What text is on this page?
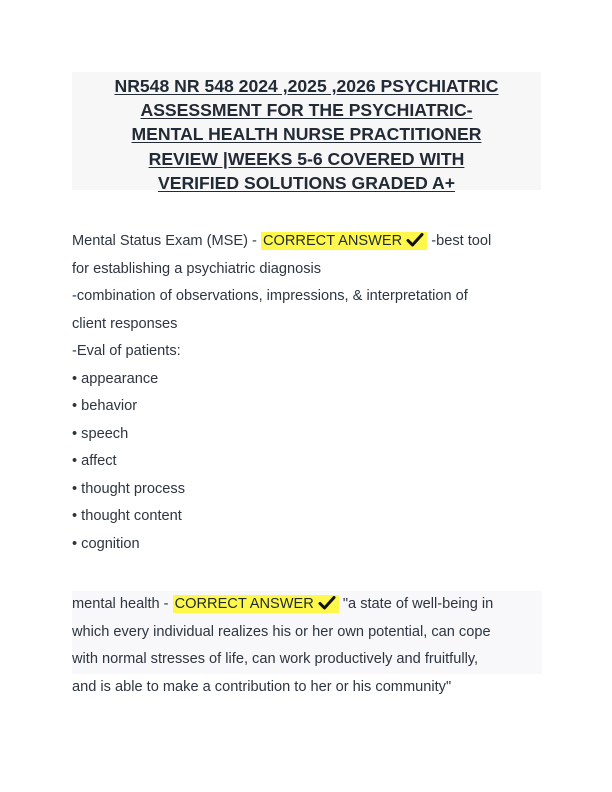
NR548 NR 548 2024 ,2025 ,2026 PSYCHIATRIC
ASSESSMENT FOR THE PSYCHIATRIC-
MENTAL HEALTH NURSE PRACTITIONER
REVIEW |WEEKS 5-6 COVERED WITH
VERIFIED SOLUTIONS GRADED A+
Mental Status Exam (MSE) - CORRECT ANSWER -best tool
for establishing a psychiatric diagnosis
-combination of observations, impressions, & interpretation of
client responses
-Eval of patients:
• appearance
• behavior
• speech
• affect
• thought process
• thought content
• cognition
mental health - CORRECT ANSWER "a state of well-being in
which every individual realizes his or her own potential, can cope
with normal stresses of life, can work productively and fruitfully,
and is able to make a contribution to her or his community"
